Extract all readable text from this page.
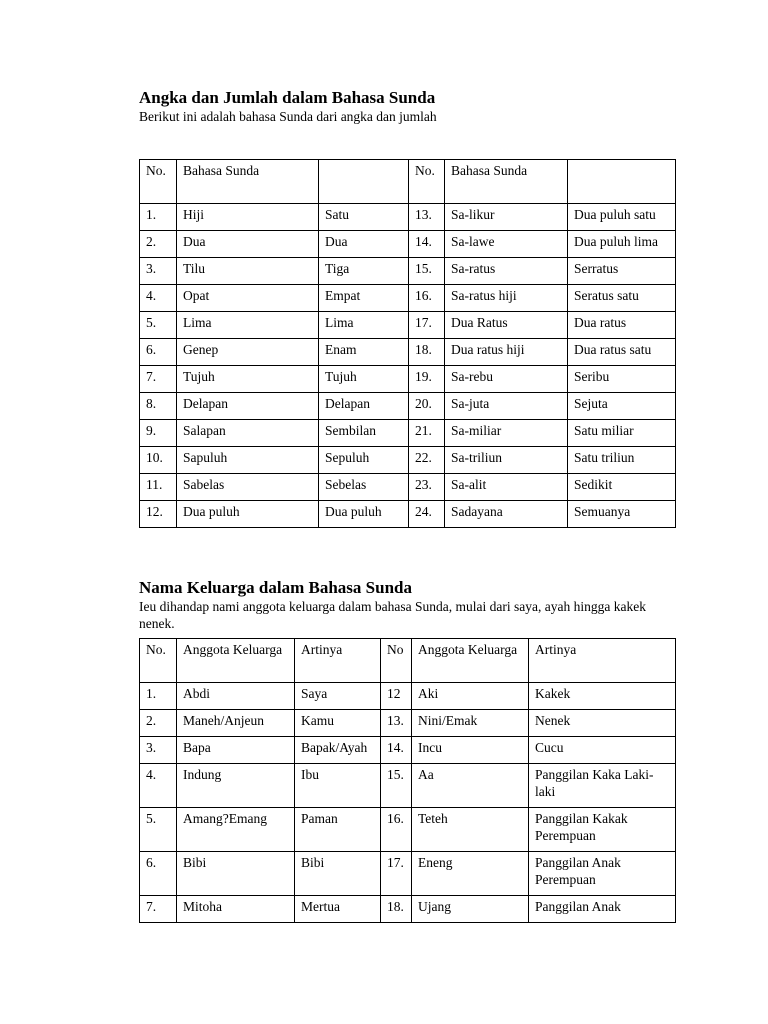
Angka dan Jumlah dalam Bahasa Sunda

Berikut ini adalah bahasa Sunda dari angka dan jumlah

No.	Bahasa Sunda		No.	Bahasa Sunda	
1.	Hiji	Satu	13.	Sa-likur	Dua puluh satu
2.	Dua	Dua	14.	Sa-lawe	Dua puluh lima
3.	Tilu	Tiga	15.	Sa-ratus	Serratus
4.	Opat	Empat	16.	Sa-ratus hiji	Seratus satu
5.	Lima	Lima	17.	Dua Ratus	Dua ratus
6.	Genep	Enam	18.	Dua ratus hiji	Dua ratus satu
7.	Tujuh	Tujuh	19.	Sa-rebu	Seribu
8.	Delapan	Delapan	20.	Sa-juta	Sejuta
9.	Salapan	Sembilan	21.	Sa-miliar	Satu miliar
10.	Sapuluh	Sepuluh	22.	Sa-triliun	Satu triliun
11.	Sabelas	Sebelas	23.	Sa-alit	Sedikit
12.	Dua puluh	Dua puluh	24.	Sadayana	Semuanya
Nama Keluarga dalam Bahasa Sunda

Ieu dihandap nami anggota keluarga dalam bahasa Sunda, mulai dari saya, ayah hingga kakek nenek.

No.	Anggota Keluarga	Artinya	No	Anggota Keluarga	Artinya
1.	Abdi	Saya	12	Aki	Kakek
2.	Maneh/Anjeun	Kamu	13.	Nini/Emak	Nenek
3.	Bapa	Bapak/Ayah	14.	Incu	Cucu
4.	Indung	Ibu	15.	Aa	Panggilan Kaka Laki-laki
5.	Amang?Emang	Paman	16.	Teteh	Panggilan Kakak Perempuan
6.	Bibi	Bibi	17.	Eneng	Panggilan Anak Perempuan
7.	Mitoha	Mertua	18.	Ujang	Panggilan Anak
